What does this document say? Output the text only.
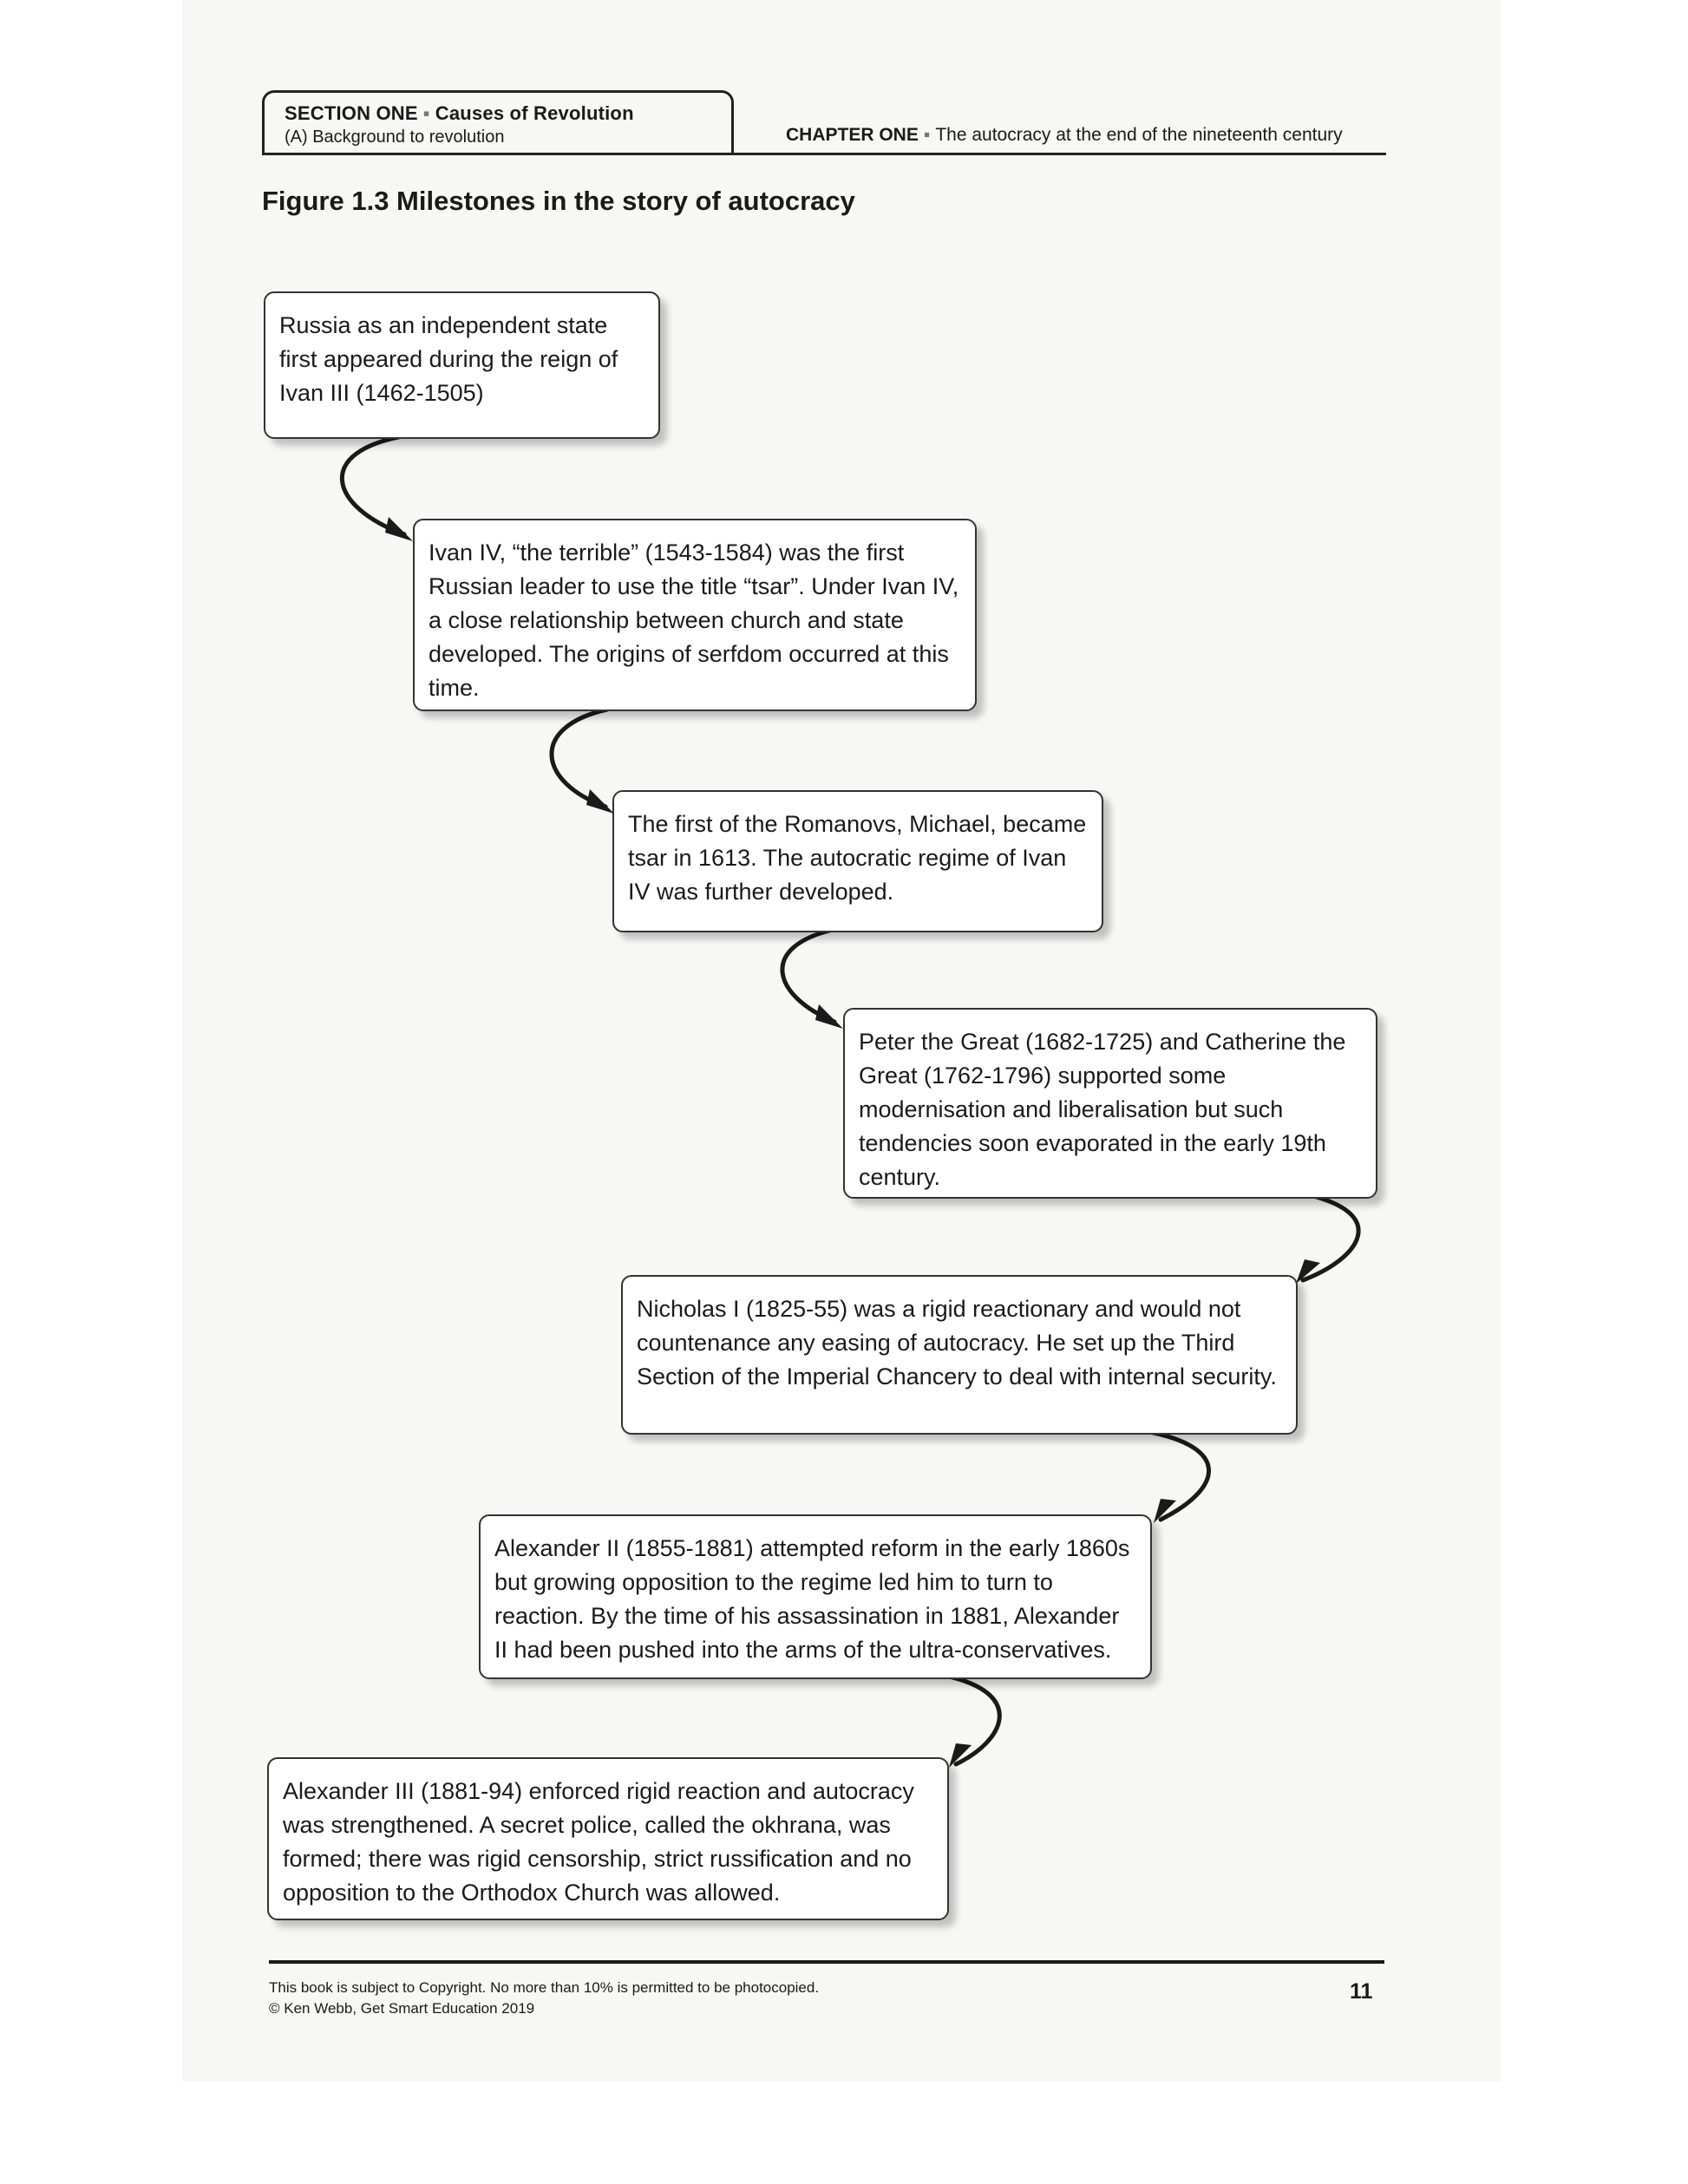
SECTION ONE ▪ Causes of Revolution
(A) Background to revolution	CHAPTER ONE ▪ The autocracy at the end of the nineteenth century
Figure 1.3 Milestones in the story of autocracy
Russia as an independent state first appeared during the reign of Ivan III (1462-1505)
Ivan IV, “the terrible” (1543-1584) was the first Russian leader to use the title “tsar”. Under Ivan IV, a close relationship between church and state developed. The origins of serfdom occurred at this time.
The first of the Romanovs, Michael, became tsar in 1613. The autocratic regime of Ivan IV was further developed.
Peter the Great (1682-1725) and Catherine the Great (1762-1796) supported some modernisation and liberalisation but such tendencies soon evaporated in the early 19th century.
Nicholas I (1825-55) was a rigid reactionary and would not countenance any easing of autocracy. He set up the Third Section of the Imperial Chancery to deal with internal security.
Alexander II (1855-1881) attempted reform in the early 1860s but growing opposition to the regime led him to turn to reaction. By the time of his assassination in 1881, Alexander II had been pushed into the arms of the ultra-conservatives.
Alexander III (1881-94) enforced rigid reaction and autocracy was strengthened. A secret police, called the okhrana, was formed; there was rigid censorship, strict russification and no opposition to the Orthodox Church was allowed.
This book is subject to Copyright. No more than 10% is permitted to be photocopied.
© Ken Webb, Get Smart Education 2019
11
